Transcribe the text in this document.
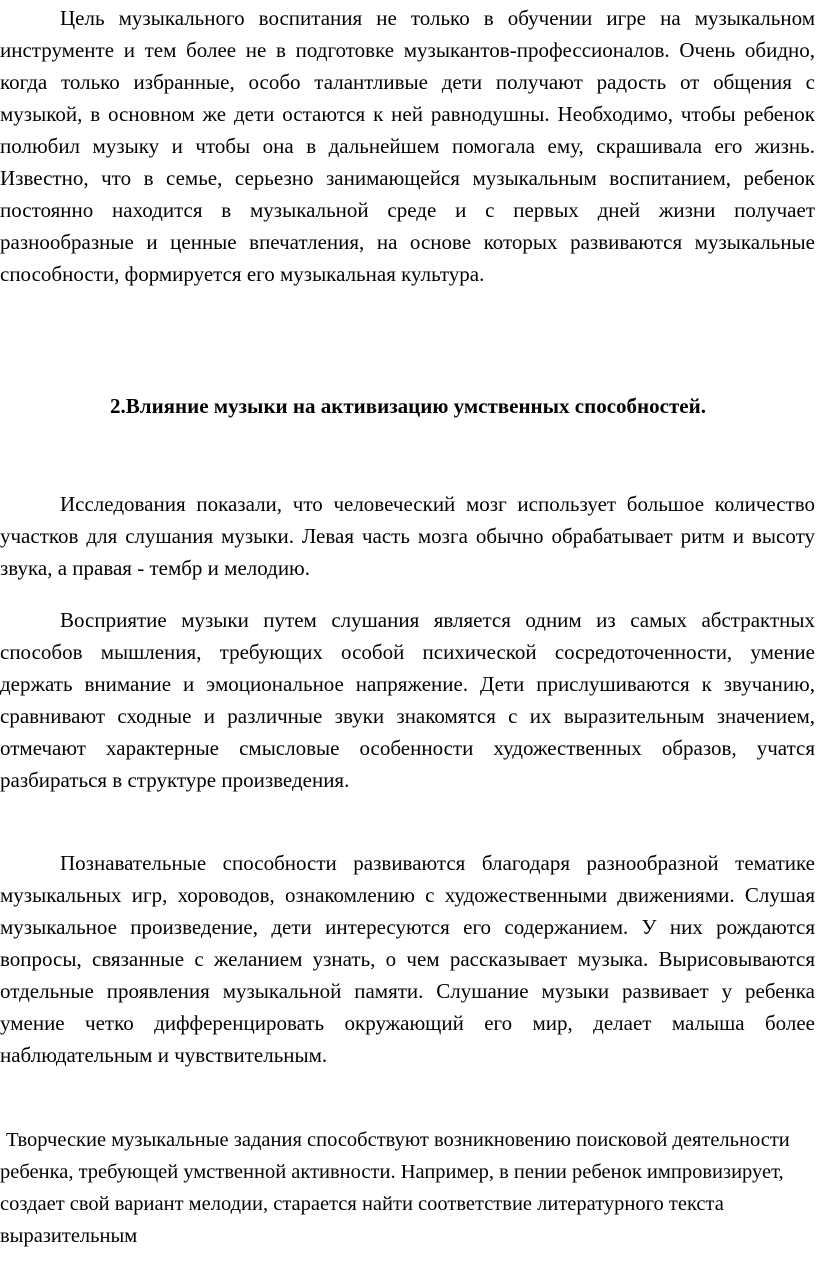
Цель музыкального воспитания не только в обучении игре на музыкальном инструменте и тем более не в подготовке музыкантов-профессионалов. Очень обидно, когда только избранные, особо талантливые дети получают радость от общения с музыкой, в основном же дети остаются к ней равнодушны. Необходимо, чтобы ребенок полюбил музыку и чтобы она в дальнейшем помогала ему, скрашивала его жизнь. Известно, что в семье, серьезно занимающейся музыкальным воспитанием, ребенок постоянно находится в музыкальной среде и с первых дней жизни получает разнообразные и ценные впечатления, на основе которых развиваются музыкальные способности, формируется его музыкальная культура.

2.Влияние музыки на активизацию умственных способностей.

Исследования показали, что человеческий мозг использует большое количество участков для слушания музыки. Левая часть мозга обычно обрабатывает ритм и высоту звука, а правая - тембр и мелодию.

Восприятие музыки путем слушания является одним из самых абстрактных способов мышления, требующих особой психической сосредоточенности, умение держать внимание и эмоциональное напряжение. Дети прислушиваются к звучанию, сравнивают сходные и различные звуки знакомятся с их выразительным значением, отмечают характерные смысловые особенности художественных образов, учатся разбираться в структуре произведения.

Познавательные способности развиваются благодаря разнообразной тематике музыкальных игр, хороводов, ознакомлению с художественными движениями. Слушая музыкальное произведение, дети интересуются его содержанием. У них рождаются вопросы, связанные с желанием узнать, о чем рассказывает музыка. Вырисовываются отдельные проявления музыкальной памяти. Слушание музыки развивает у ребенка умение четко дифференцировать окружающий его мир, делает малыша более наблюдательным и чувствительным.

Творческие музыкальные задания способствуют возникновению поисковой деятельности ребенка, требующей умственной активности. Например, в пении ребенок импровизирует, создает свой вариант мелодии, старается найти соответствие литературного текста выразительным
